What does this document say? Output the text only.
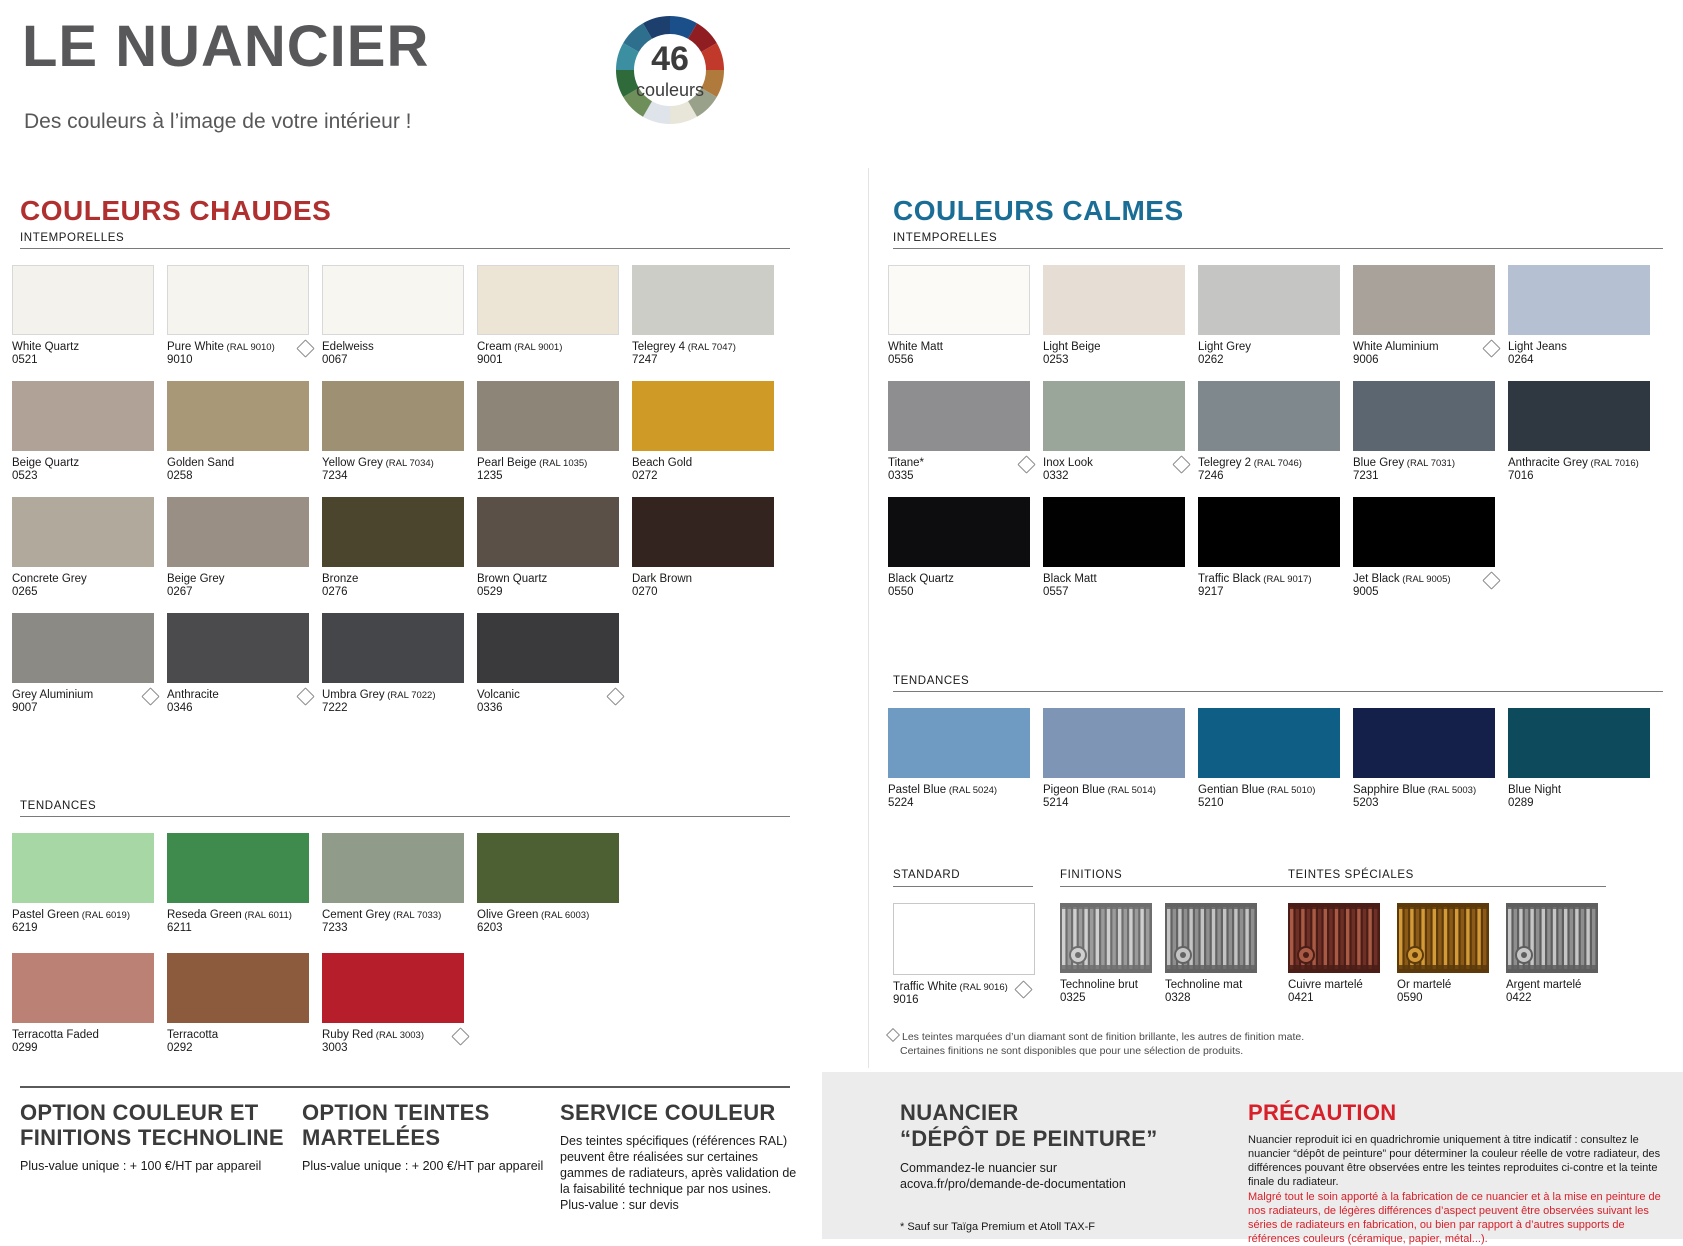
LE NUANCIER
Des couleurs à l’image de votre intérieur !
46
couleurs
COULEURS CHAUDES
INTEMPORELLES
White Quartz
0521
Pure White (RAL 9010)
9010
Edelweiss
0067
Cream (RAL 9001)
9001
Telegrey 4 (RAL 7047)
7247
Beige Quartz
0523
Golden Sand
0258
Yellow Grey (RAL 7034)
7234
Pearl Beige (RAL 1035)
1235
Beach Gold
0272
Concrete Grey
0265
Beige Grey
0267
Bronze
0276
Brown Quartz
0529
Dark Brown
0270
Grey Aluminium
9007
Anthracite
0346
Umbra Grey (RAL 7022)
7222
Volcanic
0336
TENDANCES
Pastel Green (RAL 6019)
6219
Reseda Green (RAL 6011)
6211
Cement Grey (RAL 7033)
7233
Olive Green (RAL 6003)
6203
Terracotta Faded
0299
Terracotta
0292
Ruby Red (RAL 3003)
3003
COULEURS CALMES
INTEMPORELLES
White Matt
0556
Light Beige
0253
Light Grey
0262
White Aluminium
9006
Light Jeans
0264
Titane*
0335
Inox Look
0332
Telegrey 2 (RAL 7046)
7246
Blue Grey (RAL 7031)
7231
Anthracite Grey (RAL 7016)
7016
Black Quartz
0550
Black Matt
0557
Traffic Black (RAL 9017)
9217
Jet Black (RAL 9005)
9005
TENDANCES
Pastel Blue (RAL 5024)
5224
Pigeon Blue (RAL 5014)
5214
Gentian Blue (RAL 5010)
5210
Sapphire Blue (RAL 5003)
5203
Blue Night
0289
STANDARD	FINITIONS	TEINTES SPÉCIALES
Traffic White (RAL 9016)
9016
Technoline brut
0325
Technoline mat
0328
Cuivre martelé
0421
Or martelé
0590
Argent martelé
0422
Les teintes marquées d’un diamant sont de finition brillante, les autres de finition mate.
Certaines finitions ne sont disponibles que pour une sélection de produits.
OPTION COULEUR ET
FINITIONS TECHNOLINE
Plus-value unique : + 100 €/HT par appareil
OPTION TEINTES
MARTELÉES
Plus-value unique : + 200 €/HT par appareil
SERVICE COULEUR
Des teintes spécifiques (références RAL) peuvent être réalisées sur certaines gammes de radiateurs, après validation de la faisabilité technique par nos usines. Plus-value : sur devis
NUANCIER
“DÉPÔT DE PEINTURE”
Commandez-le nuancier sur
acova.fr/pro/demande-de-documentation
* Sauf sur Taïga Premium et Atoll TAX-F
PRÉCAUTION
Nuancier reproduit ici en quadrichromie uniquement à titre indicatif : consultez le nuancier “dépôt de peinture” pour déterminer la couleur réelle de votre radiateur, des différences pouvant être observées entre les teintes reproduites ci-contre et la teinte finale du radiateur.
Malgré tout le soin apporté à la fabrication de ce nuancier et à la mise en peinture de nos radiateurs, de légères différences d’aspect peuvent être observées suivant les séries de radiateurs en fabrication, ou bien par rapport à d’autres supports de références couleurs (céramique, papier, métal...).
